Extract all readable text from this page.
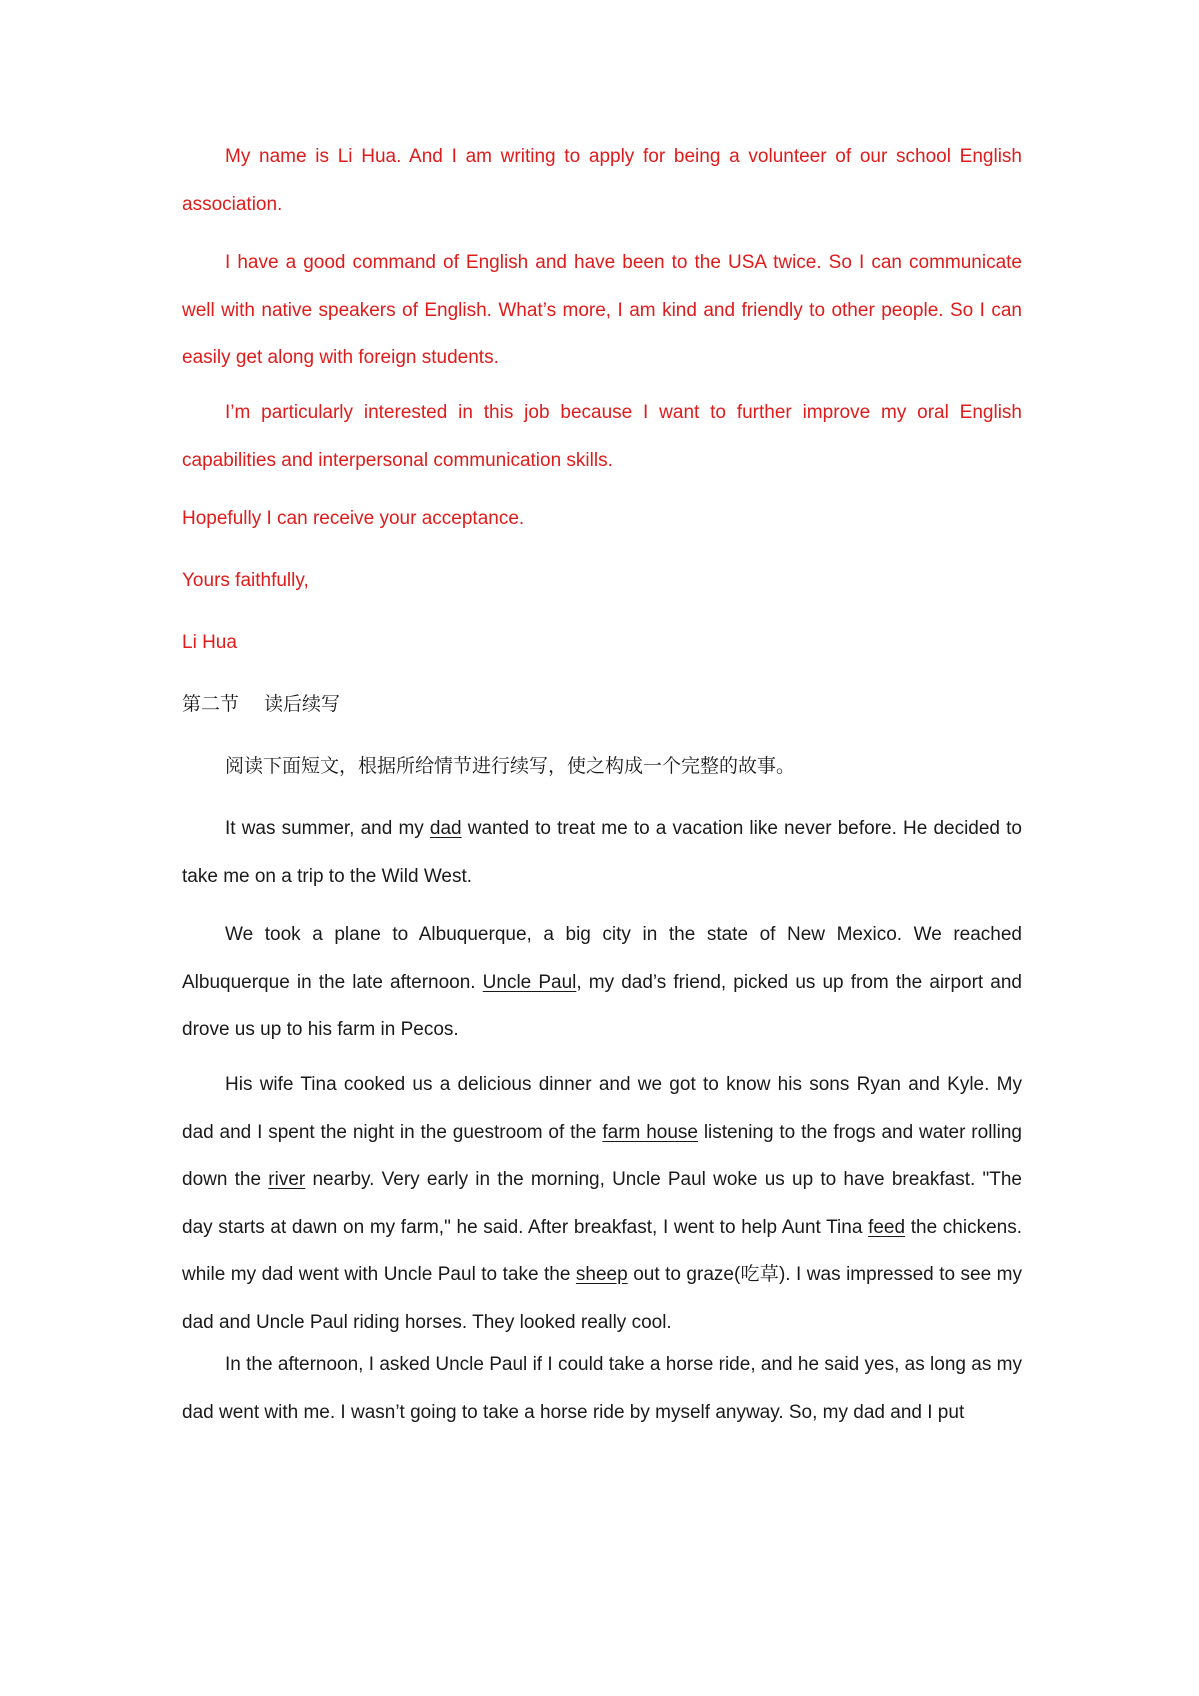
My name is Li Hua. And I am writing to apply for being a volunteer of our school English association.

I have a good command of English and have been to the USA twice. So I can communicate well with native speakers of English. What’s more, I am kind and friendly to other people. So I can easily get along with foreign students.

I’m particularly interested in this job because I want to further improve my oral English capabilities and interpersonal communication skills.

Hopefully I can receive your acceptance.

Yours faithfully,

Li Hua

第二节　 读后续写

阅读下面短文，根据所给情节进行续写，使之构成一个完整的故事。

It was summer, and my dad wanted to treat me to a vacation like never before. He decided to take me on a trip to the Wild West.

We took a plane to Albuquerque, a big city in the state of New Mexico. We reached Albuquerque in the late afternoon. Uncle Paul, my dad’s friend, picked us up from the airport and drove us up to his farm in Pecos.

His wife Tina cooked us a delicious dinner and we got to know his sons Ryan and Kyle. My dad and I spent the night in the guestroom of the farm house listening to the frogs and water rolling down the river nearby. Very early in the morning, Uncle Paul woke us up to have breakfast. "The day starts at dawn on my farm," he said. After breakfast, I went to help Aunt Tina feed the chickens. while my dad went with Uncle Paul to take the sheep out to graze(吃草). I was impressed to see my dad and Uncle Paul riding horses. They looked really cool.

In the afternoon, I asked Uncle Paul if I could take a horse ride, and he said yes, as long as my dad went with me. I wasn’t going to take a horse ride by myself anyway. So, my dad and I put
